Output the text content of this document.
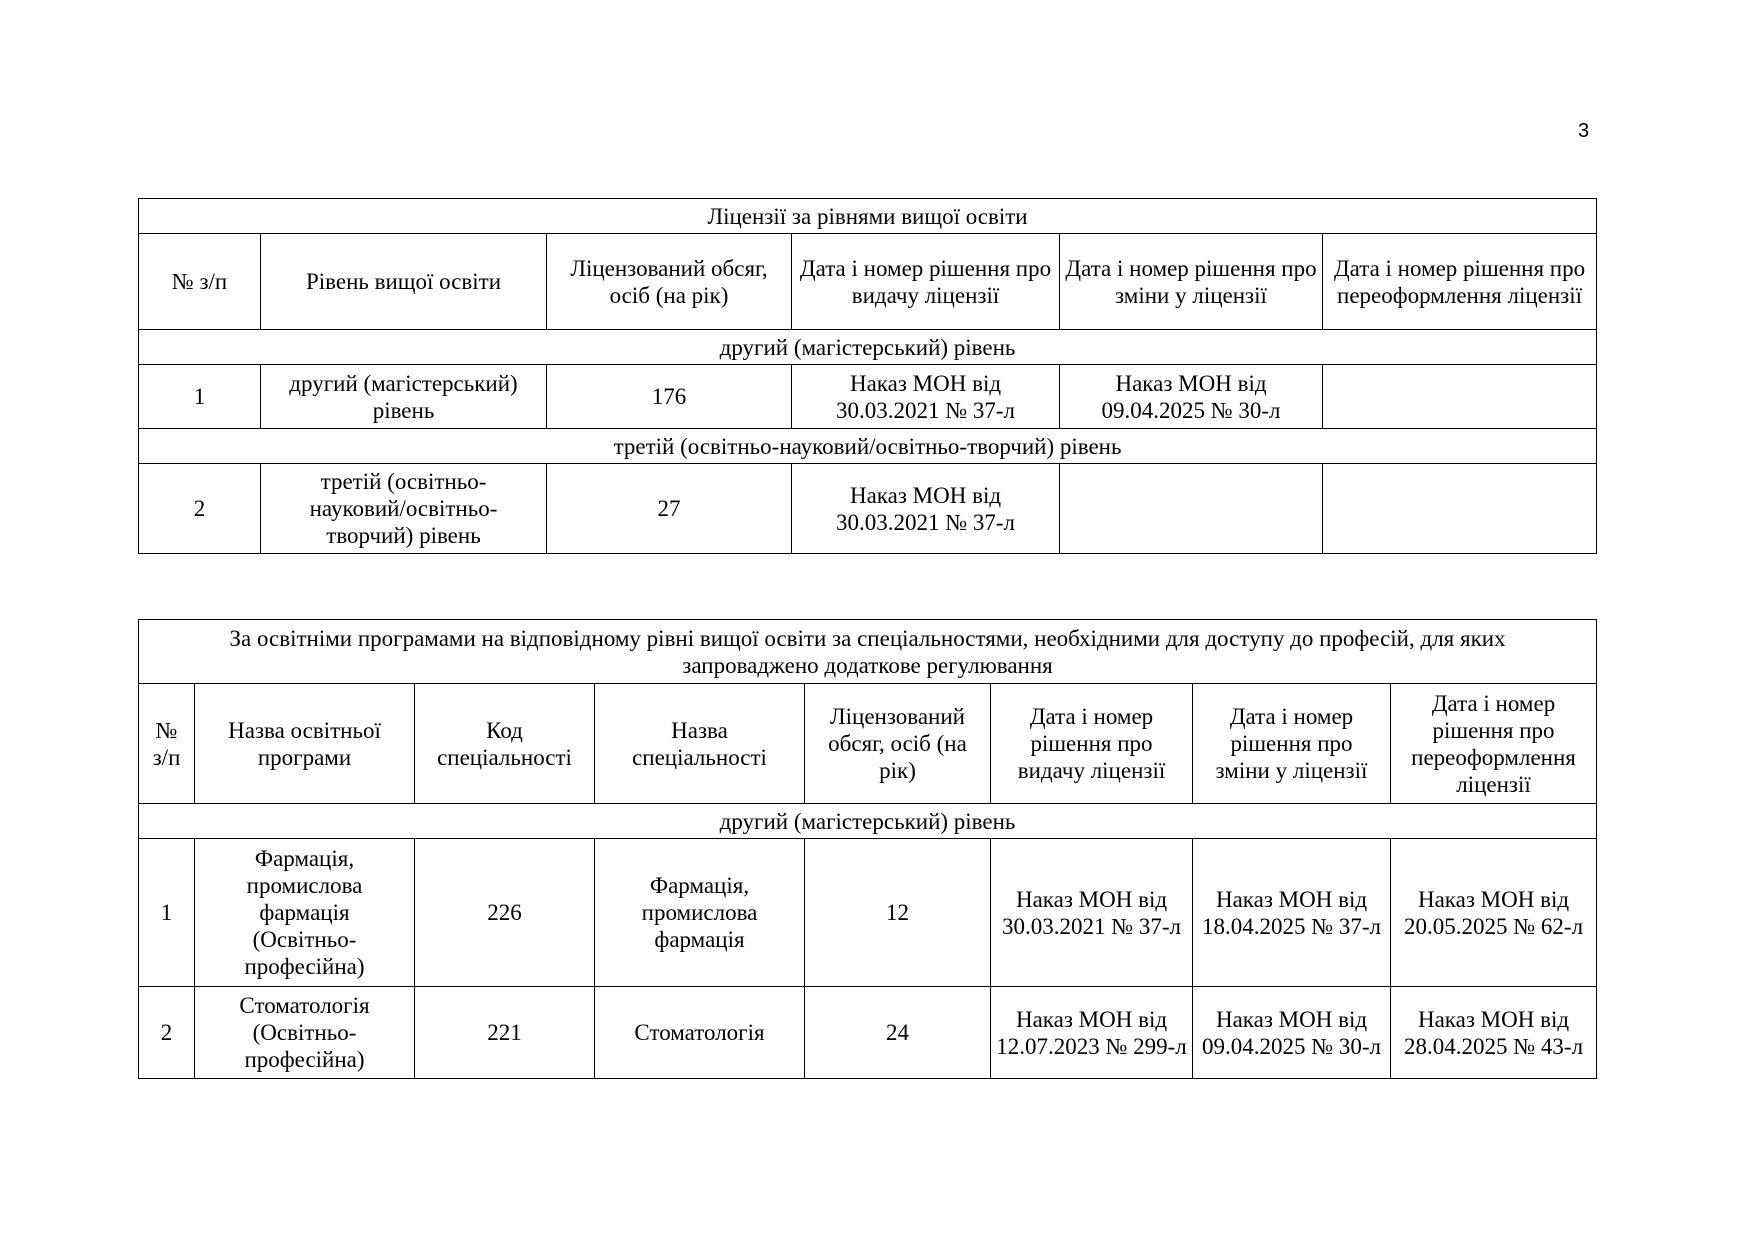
3
Ліцензії за рівнями вищої освіти					
№ з/п	Рівень вищої освіти	Ліцензований обсяг, осіб (на рік)	Дата і номер рішення про видачу ліцензії	Дата і номер рішення про зміни у ліцензії	Дата і номер рішення про переоформлення ліцензії
другий (магістерський) рівень					
1	другий (магістерський) рівень	176	Наказ МОН від 30.03.2021 № 37-л	Наказ МОН від 09.04.2025 № 30-л	
третій (освітньо-науковий/освітньо-творчий) рівень					
2	третій (освітньо-науковий/освітньо-творчий) рівень	27	Наказ МОН від 30.03.2021 № 37-л		
За освітніми програмами на відповідному рівні вищої освіти за спеціальностями, необхідними для доступу до професій, для яких запроваджено додаткове регулювання							
№ з/п	Назва освітньої програми	Код спеціальності	Назва спеціальності	Ліцензований обсяг, осіб (на рік)	Дата і номер рішення про видачу ліцензії	Дата і номер рішення про зміни у ліцензії	Дата і номер рішення про переоформлення ліцензії
другий (магістерський) рівень							
1	Фармація, промислова фармація (Освітньо-професійна)	226	Фармація, промислова фармація	12	Наказ МОН від 30.03.2021 № 37-л	Наказ МОН від 18.04.2025 № 37-л	Наказ МОН від 20.05.2025 № 62-л
2	Стоматологія (Освітньо-професійна)	221	Стоматологія	24	Наказ МОН від 12.07.2023 № 299-л	Наказ МОН від 09.04.2025 № 30-л	Наказ МОН від 28.04.2025 № 43-л
